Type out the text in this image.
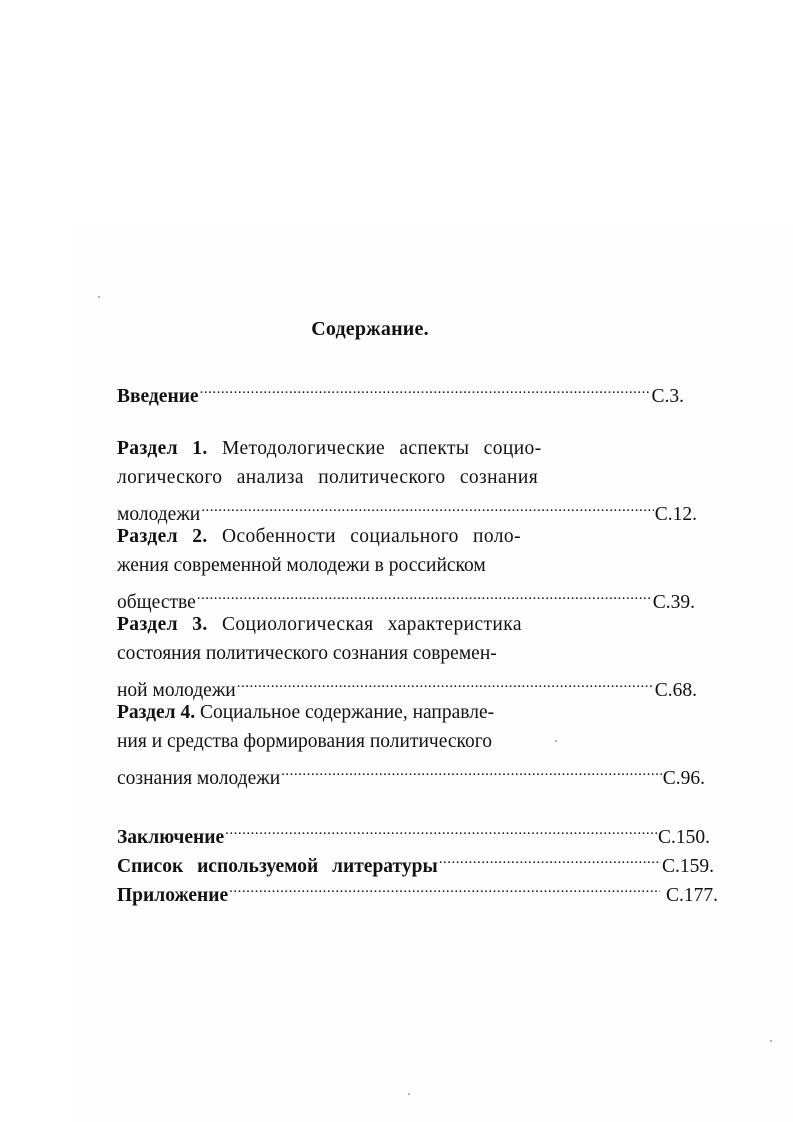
Содержание.
Введение .....	С.3.
Раздел 1. Методологические аспекты социо-
логического анализа политического сознания
молодежи .....	С.12.
Раздел 2. Особенности социального поло-
жения современной молодежи в российском
обществе .....	С.39.
Раздел 3. Социологическая характеристика
состояния политического сознания современ-
ной молодежи .....	С.68.
Раздел 4. Социальное содержание, направле-
ния и средства формирования политического
сознания молодежи .....	С.96.
Заключение .....	С.150.
Список используемой литературы .....	С.159.
Приложение .....	С.177.
